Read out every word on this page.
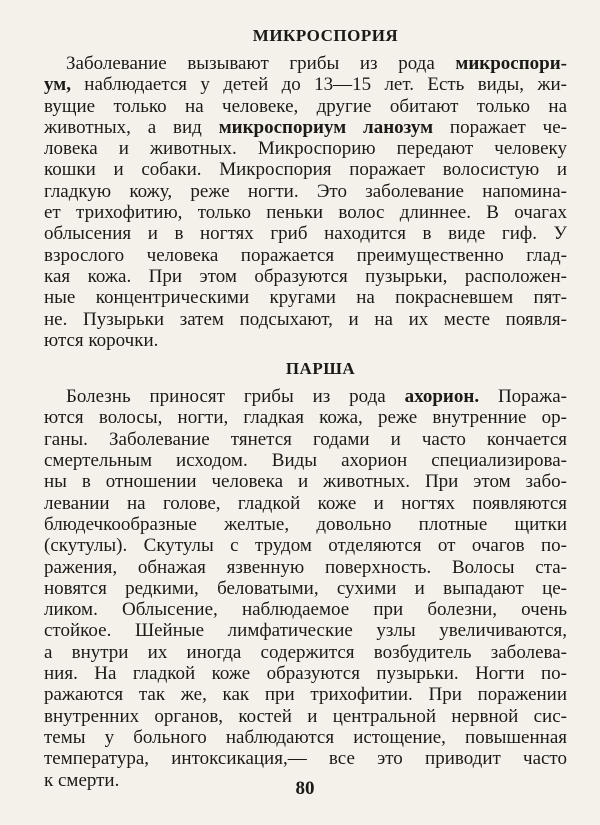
МИКРОСПОРИЯ
Заболевание вызывают грибы из рода микроспори-
ум, наблюдается у детей до 13—15 лет. Есть виды, жи-
вущие только на человеке, другие обитают только на
животных, а вид микроспориум ланозум поражает че-
ловека и животных. Микроспорию передают человеку
кошки и собаки. Микроспория поражает волосистую и
гладкую кожу, реже ногти. Это заболевание напомина-
ет трихофитию, только пеньки волос длиннее. В очагах
облысения и в ногтях гриб находится в виде гиф. У
взрослого человека поражается преимущественно глад-
кая кожа. При этом образуются пузырьки, расположен-
ные концентрическими кругами на покрасневшем пят-
не. Пузырьки затем подсыхают, и на их месте появля-
ются корочки.
ПАРША
Болезнь приносят грибы из рода ахорион. Поража-
ются волосы, ногти, гладкая кожа, реже внутренние ор-
ганы. Заболевание тянется годами и часто кончается
смертельным исходом. Виды ахорион специализирова-
ны в отношении человека и животных. При этом забо-
левании на голове, гладкой коже и ногтях появляются
блюдечкообразные желтые, довольно плотные щитки
(скутулы). Скутулы с трудом отделяются от очагов по-
ражения, обнажая язвенную поверхность. Волосы ста-
новятся редкими, беловатыми, сухими и выпадают це-
ликом. Облысение, наблюдаемое при болезни, очень
стойкое. Шейные лимфатические узлы увеличиваются,
а внутри их иногда содержится возбудитель заболева-
ния. На гладкой коже образуются пузырьки. Ногти по-
ражаются так же, как при трихофитии. При поражении
внутренних органов, костей и центральной нервной сис-
темы у больного наблюдаются истощение, повышенная
температура, интоксикация,— все это приводит часто
к смерти.	80
